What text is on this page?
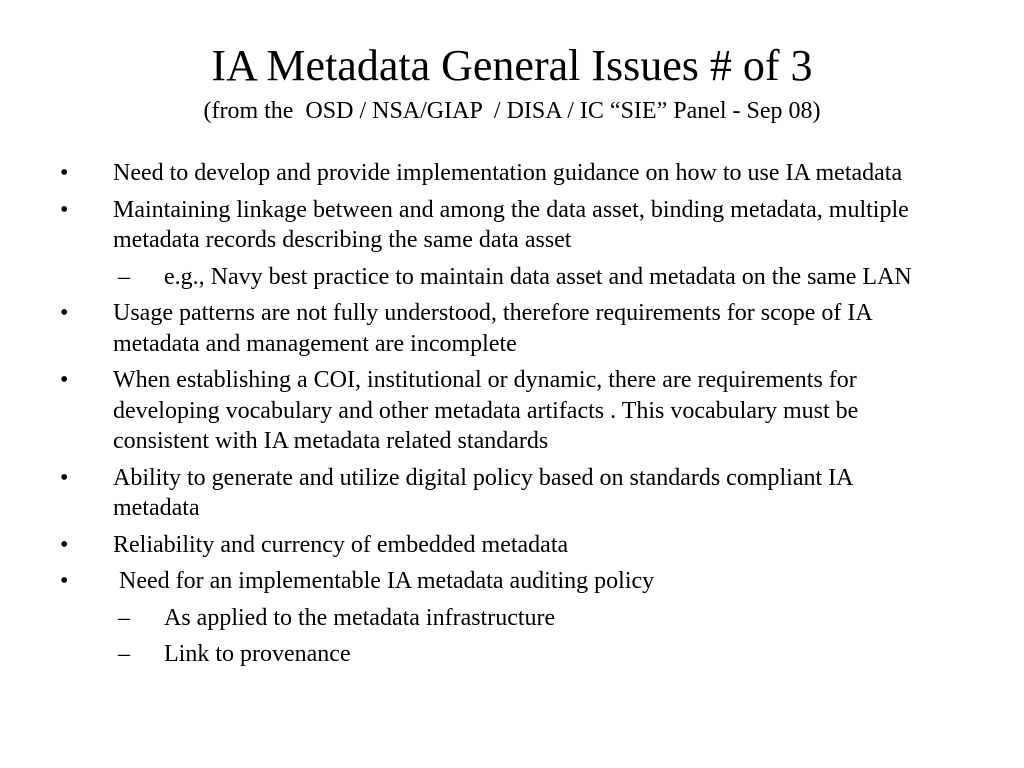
IA Metadata General Issues # of 3
(from the  OSD / NSA/GIAP  / DISA / IC “SIE” Panel - Sep 08)
• Need to develop and provide implementation guidance on how to use IA metadata
• Maintaining linkage between and among the data asset, binding metadata, multiple metadata records describing the same data asset
– e.g., Navy best practice to maintain data asset and metadata on the same LAN
• Usage patterns are not fully understood, therefore requirements for scope of IA metadata and management are incomplete
• When establishing a COI, institutional or dynamic, there are requirements for developing vocabulary and other metadata artifacts . This vocabulary must be consistent with IA metadata related standards
• Ability to generate and utilize digital policy based on standards compliant IA metadata
• Reliability and currency of embedded metadata
• Need for an implementable IA metadata auditing policy
– As applied to the metadata infrastructure
– Link to provenance
